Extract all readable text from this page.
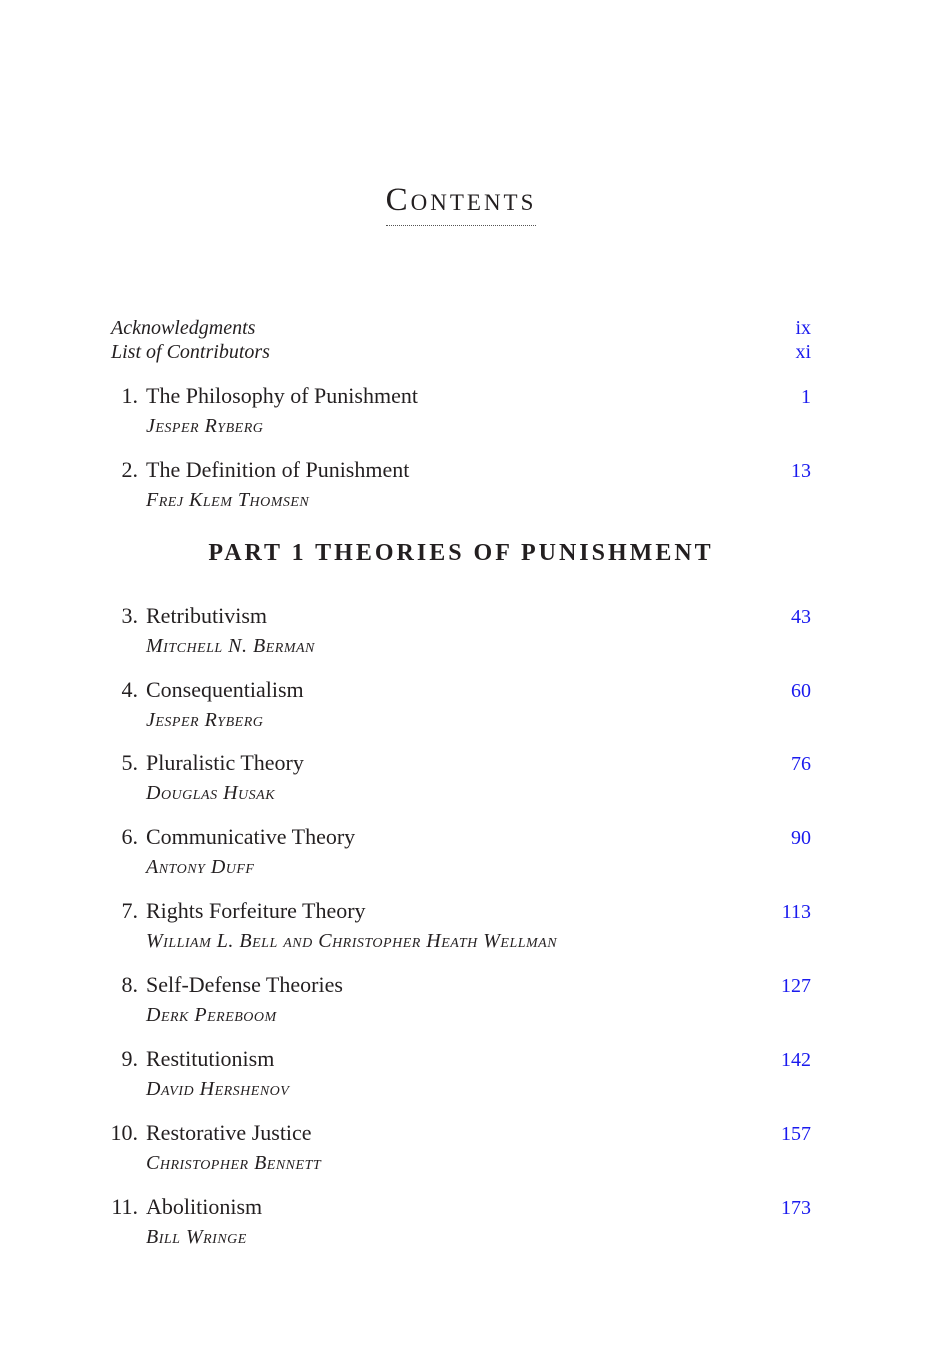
Contents
Acknowledgments	ix
List of Contributors	xi
1. The Philosophy of Punishment	1
Jesper Ryberg
2. The Definition of Punishment	13
Frej Klem Thomsen
PART 1 THEORIES OF PUNISHMENT
3. Retributivism	43
Mitchell N. Berman
4. Consequentialism	60
Jesper Ryberg
5. Pluralistic Theory	76
Douglas Husak
6. Communicative Theory	90
Antony Duff
7. Rights Forfeiture Theory	113
William L. Bell and Christopher Heath Wellman
8. Self-Defense Theories	127
Derk Pereboom
9. Restitutionism	142
David Hershenov
10. Restorative Justice	157
Christopher Bennett
11. Abolitionism	173
Bill Wringe
